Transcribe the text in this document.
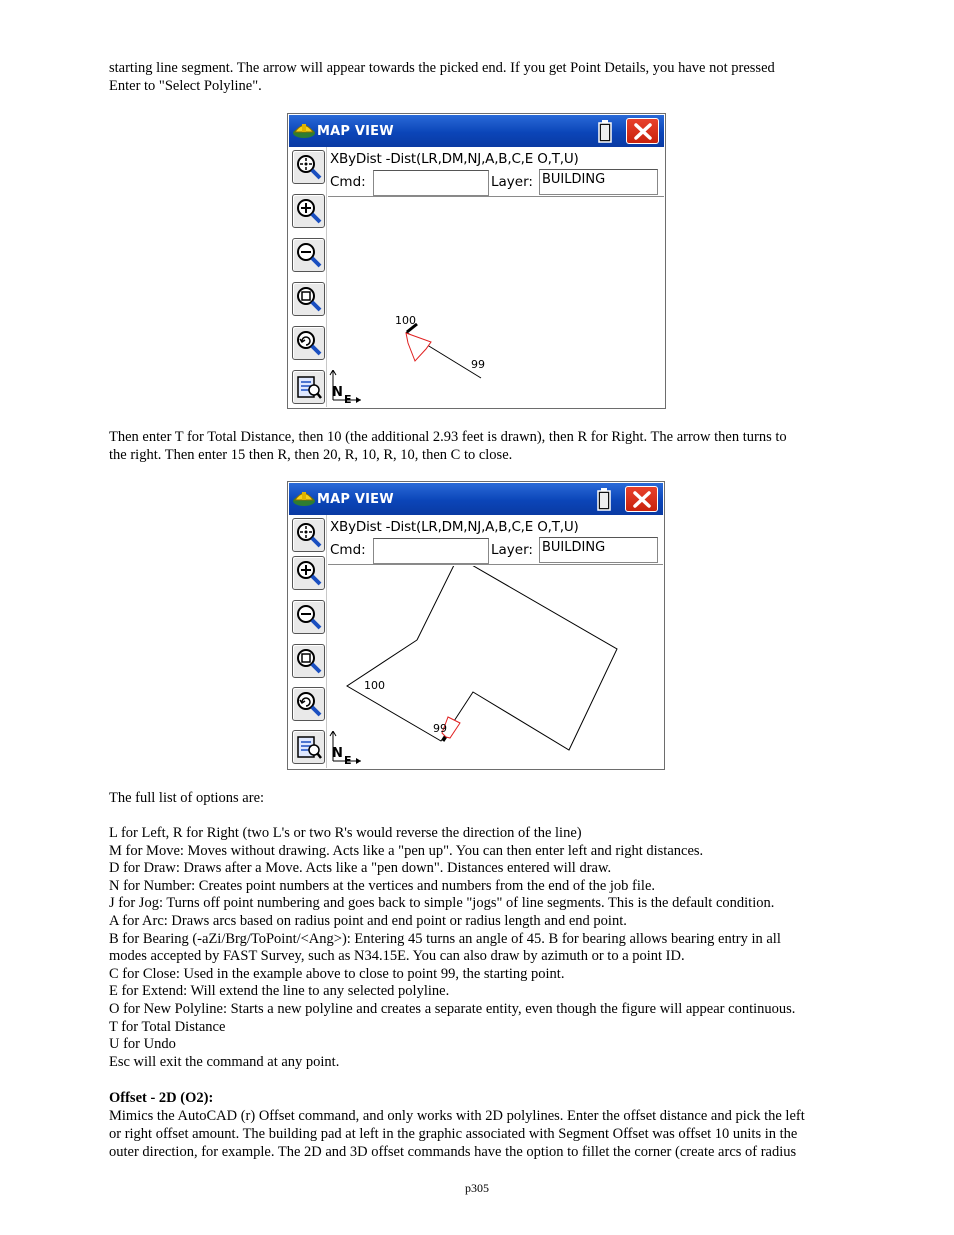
starting line segment. The arrow will appear towards the picked end. If you get Point Details, you have not pressed
Enter to "Select Polyline".
MAP VIEW
XByDist -Dist(LR,DM,NJ,A,B,C,E O,T,U)
Cmd:	Layer: BUILDING
100
99
N E
Then enter T for Total Distance, then 10 (the additional 2.93 feet is drawn), then R for Right. The arrow then turns to
the right. Then enter 15 then R, then 20, R, 10, R, 10, then C to close.
MAP VIEW
XByDist -Dist(LR,DM,NJ,A,B,C,E O,T,U)
Cmd:	Layer: BUILDING
100
99
N E
The full list of options are:
L for Left, R for Right (two L's or two R's would reverse the direction of the line)
M for Move: Moves without drawing. Acts like a "pen up". You can then enter left and right distances.
D for Draw: Draws after a Move. Acts like a "pen down". Distances entered will draw.
N for Number: Creates point numbers at the vertices and numbers from the end of the job file.
J for Jog: Turns off point numbering and goes back to simple "jogs" of line segments. This is the default condition.
A for Arc: Draws arcs based on radius point and end point or radius length and end point.
B for Bearing (-aZi/Brg/ToPoint/<Ang>): Entering 45 turns an angle of 45. B for bearing allows bearing entry in all
modes accepted by FAST Survey, such as N34.15E. You can also draw by azimuth or to a point ID.
C for Close: Used in the example above to close to point 99, the starting point.
E for Extend: Will extend the line to any selected polyline.
O for New Polyline: Starts a new polyline and creates a separate entity, even though the figure will appear continuous.
T for Total Distance
U for Undo
Esc will exit the command at any point.
Offset - 2D (O2):
Mimics the AutoCAD (r) Offset command, and only works with 2D polylines. Enter the offset distance and pick the left
or right offset amount. The building pad at left in the graphic associated with Segment Offset was offset 10 units in the
outer direction, for example. The 2D and 3D offset commands have the option to fillet the corner (create arcs of radius
p305
